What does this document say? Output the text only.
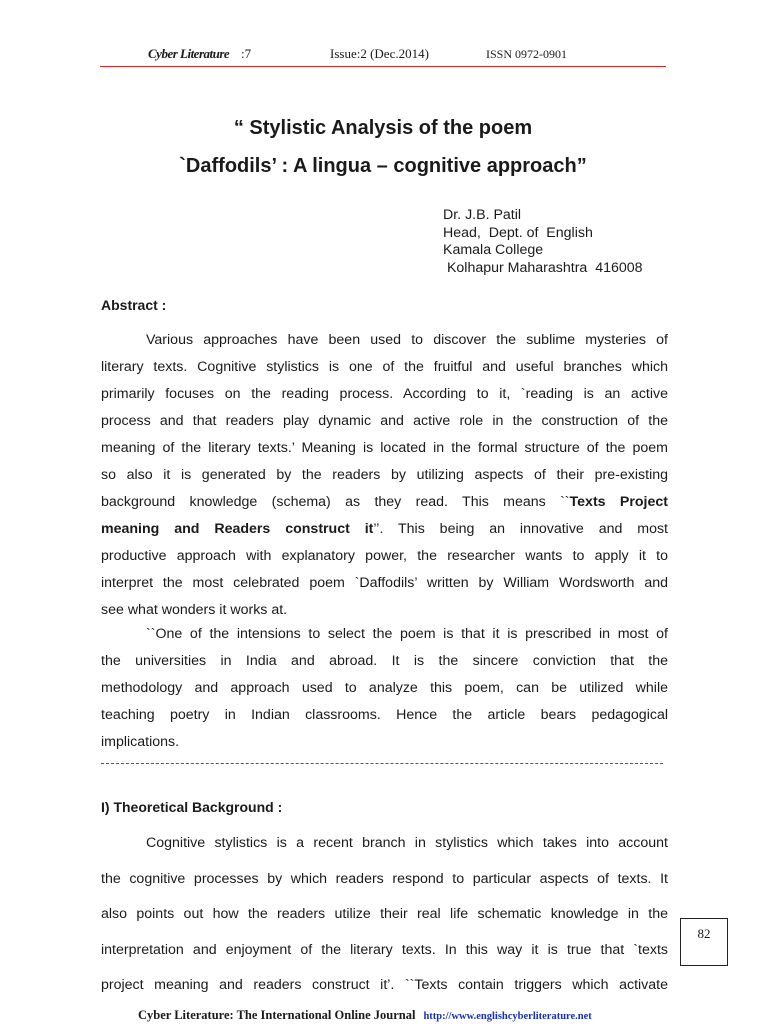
Cyber Literature :7	Issue:2 (Dec.2014)	ISSN 0972-0901
“ Stylistic Analysis of the poem
`Daffodils’ : A lingua – cognitive approach”
Dr. J.B. Patil
Head,  Dept. of  English
Kamala College
Kolhapur Maharashtra  416008
Abstract :
Various approaches have been used to discover the sublime mysteries of
literary texts. Cognitive stylistics is one of the fruitful and useful branches which
primarily focuses on the reading process. According to it, `reading is an active
process and that readers play dynamic and active role in the construction of the
meaning of the literary texts.’ Meaning is located in the formal structure of the poem
so also it is generated by the readers by utilizing aspects of their pre-existing
background knowledge (schema) as they read. This means ``Texts Project
meaning and Readers construct it’’. This being an innovative and most
productive approach with explanatory power, the researcher wants to apply it to
interpret the most celebrated poem `Daffodils’ written by William Wordsworth and
see what wonders it works at.
``One of the intensions to select the poem is that it is prescribed in most of
the universities in India and abroad. It is the sincere conviction that the
methodology and approach used to analyze this poem, can be utilized while
teaching poetry in Indian classrooms. Hence the article bears pedagogical
implications.
I) Theoretical Background :
Cognitive stylistics is a recent branch in stylistics which takes into account
the cognitive processes by which readers respond to particular aspects of texts. It
also points out how the readers utilize their real life schematic knowledge in the
interpretation and enjoyment of the literary texts. In this way it is true that `texts
project meaning and readers construct it’. ``Texts contain triggers which activate
82
Cyber Literature: The International Online Journal http://www.englishcyberliterature.net
